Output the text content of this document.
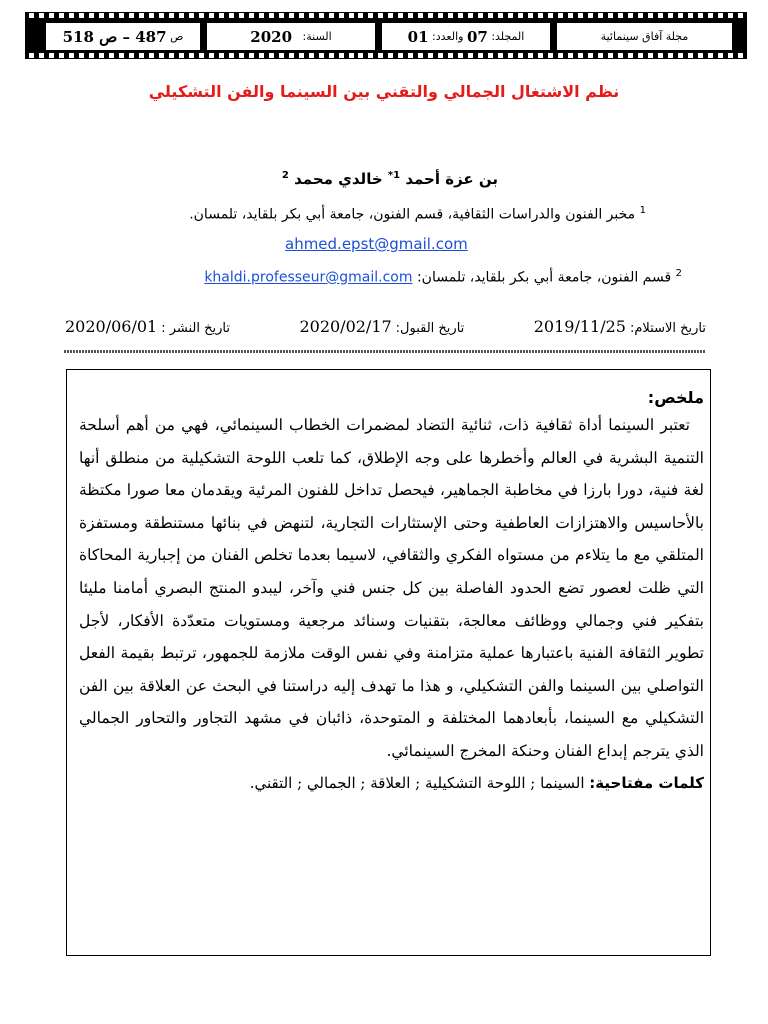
مجلة آفاق سينمائية
المجلد:

07

والعدد:

01
السنة:

2020
ص

487 – ص 518
نظم الاشتغال الجمالي والتقني بين السينما والفن التشكيلي
بن عزة أحمد $^{1*}$ خالدي محمد $^2$
$^1$ مخبر الفنون والدراسات الثقافية، قسم الفنون، جامعة أبي بكر بلقايد، تلمسان.
ahmed.epst@gmail.com
$^2$ قسم الفنون، جامعة أبي بكر بلقايد، تلمسان: khaldi.professeur@gmail.com
تاريخ الاستلام:2019/11/25
تاريخ القبول:2020/02/17
تاريخ النشر :2020/06/01
ملخص:

تعتبر السينما أداة ثقافية ذات، ثنائية التضاد لمضمرات الخطاب السينمائي، فهي من أهم أسلحة التنمية البشرية في العالم وأخطرها على وجه الإطلاق، كما تلعب اللوحة التشكيلية من منطلق أنها لغة فنية، دورا بارزا في مخاطبة الجماهير، فيحصل تداخل للفنون المرئية ويقدمان معا صورا مكتظة بالأحاسيس والاهتزازات العاطفية وحتى الإستثارات التجارية، لتنهض في بنائها مستنطقة ومستفزة المتلقي مع ما يتلاءم من مستواه الفكري والثقافي، لاسيما بعدما تخلص الفنان من إجبارية المحاكاة التي ظلت لعصور تضع الحدود الفاصلة بين كل جنس فني وآخر، ليبدو المنتج البصري أمامنا مليئا بتفكير فني وجمالي ووظائف معالجة، بتقنيات وسنائد مرجعية ومستويات متعدّدة الأفكار، لأجل تطوير الثقافة الفنية باعتبارها عملية متزامنة وفي نفس الوقت ملازمة للجمهور، ترتبط بقيمة الفعل التواصلي بين السينما والفن التشكيلي، و هذا ما تهدف إليه دراستنا في البحث عن العلاقة بين الفن التشكيلي مع السينما، بأبعادهما المختلفة و المتوحدة، ذائبان في مشهد التجاور والتحاور الجمالي الذي يترجم إبداع الفنان وحنكة المخرج السينمائي.

كلمات مفتاحية: السينما ; اللوحة التشكيلية ; العلاقة ; الجمالي ; التقني.
